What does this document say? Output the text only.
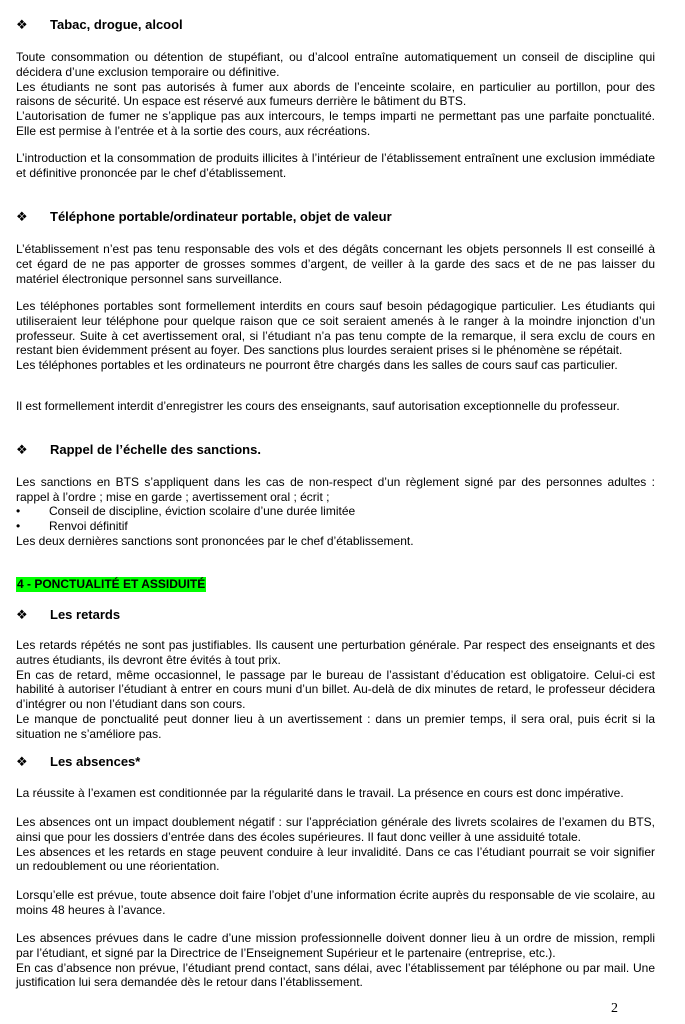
❖ Tabac, drogue, alcool

Toute consommation ou détention de stupéfiant, ou d’alcool entraîne automatiquement un conseil de discipline qui décidera d’une exclusion temporaire ou définitive.

Les étudiants ne sont pas autorisés à fumer aux abords de l’enceinte scolaire, en particulier au portillon, pour des raisons de sécurité. Un espace est réservé aux fumeurs derrière le bâtiment du BTS.

L’autorisation de fumer ne s’applique pas aux intercours, le temps imparti ne permettant pas une parfaite ponctualité. Elle est permise à l’entrée et à la sortie des cours, aux récréations.

L’introduction et la consommation de produits illicites à l’intérieur de l’établissement entraînent une exclusion immédiate et définitive prononcée par le chef d’établissement.

❖ Téléphone portable/ordinateur portable, objet de valeur

L’établissement n’est pas tenu responsable des vols et des dégâts concernant les objets personnels Il est conseillé à cet égard de ne pas apporter de grosses sommes d’argent, de veiller à la garde des sacs et de ne pas laisser du matériel électronique personnel sans surveillance.

Les téléphones portables sont formellement interdits en cours sauf besoin pédagogique particulier. Les étudiants qui utiliseraient leur téléphone pour quelque raison que ce soit seraient amenés à le ranger à la moindre injonction d’un professeur. Suite à cet avertissement oral, si l’étudiant n’a pas tenu compte de la remarque, il sera exclu de cours en restant bien évidemment présent au foyer. Des sanctions plus lourdes seraient prises si le phénomène se répétait.

Les téléphones portables et les ordinateurs ne pourront être chargés dans les salles de cours sauf cas particulier.

Il est formellement interdit d’enregistrer les cours des enseignants, sauf autorisation exceptionnelle du professeur.

❖ Rappel de l’échelle des sanctions.

Les sanctions en BTS s’appliquent dans les cas de non-respect d’un règlement signé par des personnes adultes : rappel à l’ordre ; mise en garde ; avertissement oral ; écrit ;

• Conseil de discipline, éviction scolaire d’une durée limitée
• Renvoi définitif

Les deux dernières sanctions sont prononcées par le chef d’établissement.

4 - PONCTUALITÉ ET ASSIDUITÉ
❖ Les retards

Les retards répétés ne sont pas justifiables. Ils causent une perturbation générale. Par respect des enseignants et des autres étudiants, ils devront être évités à tout prix.

En cas de retard, même occasionnel, le passage par le bureau de l’assistant d’éducation est obligatoire. Celui-ci est habilité à autoriser l’étudiant à entrer en cours muni d’un billet. Au-delà de dix minutes de retard, le professeur décidera d’intégrer ou non l’étudiant dans son cours.

Le manque de ponctualité peut donner lieu à un avertissement : dans un premier temps, il sera oral, puis écrit si la situation ne s’améliore pas.

❖ Les absences*

La réussite à l’examen est conditionnée par la régularité dans le travail. La présence en cours est donc impérative.

Les absences ont un impact doublement négatif : sur l’appréciation générale des livrets scolaires de l’examen du BTS, ainsi que pour les dossiers d’entrée dans des écoles supérieures. Il faut donc veiller à une assiduité totale.

Les absences et les retards en stage peuvent conduire à leur invalidité. Dans ce cas l’étudiant pourrait se voir signifier un redoublement ou une réorientation.

Lorsqu’elle est prévue, toute absence doit faire l’objet d’une information écrite auprès du responsable de vie scolaire, au moins 48 heures à l’avance.

Les absences prévues dans le cadre d’une mission professionnelle doivent donner lieu à un ordre de mission, rempli par l’étudiant, et signé par la Directrice de l’Enseignement Supérieur et le partenaire (entreprise, etc.).

En cas d’absence non prévue, l’étudiant prend contact, sans délai, avec l’établissement par téléphone ou par mail. Une justification lui sera demandée dès le retour dans l’établissement.

2
